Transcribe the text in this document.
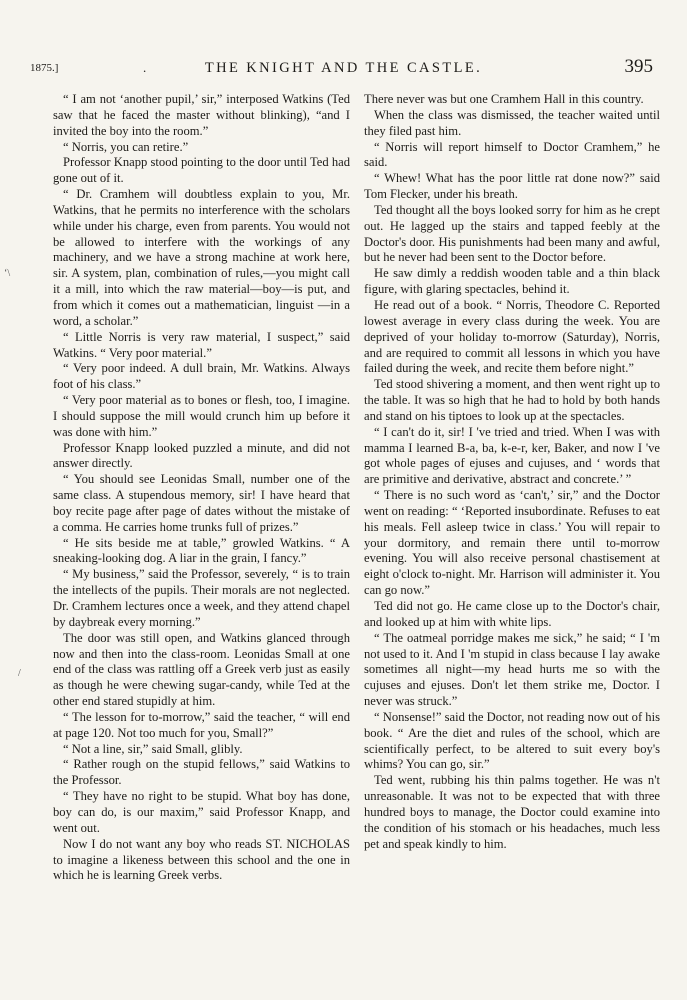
1875.]	.	THE KNIGHT AND THE CASTLE.	395

“ I am not ‘another pupil,’ sir,” interposed Watkins (Ted saw that he faced the master without blinking), “and I invited the boy into the room.”

“ Norris, you can retire.”

Professor Knapp stood pointing to the door until Ted had gone out of it.

“ Dr. Cramhem will doubtless explain to you, Mr. Watkins, that he permits no interference with the scholars while under his charge, even from parents. You would not be allowed to interfere with the workings of any machinery, and we have a strong machine at work here, sir. A system, plan, combination of rules,—you might call it a mill, into which the raw material—boy—is put, and from which it comes out a mathematician, linguist —in a word, a scholar.”

“ Little Norris is very raw material, I suspect,” said Watkins. “ Very poor material.”

“ Very poor indeed. A dull brain, Mr. Watkins. Always foot of his class.”

“ Very poor material as to bones or flesh, too, I imagine. I should suppose the mill would crunch him up before it was done with him.”

Professor Knapp looked puzzled a minute, and did not answer directly.

“ You should see Leonidas Small, number one of the same class. A stupendous memory, sir! I have heard that boy recite page after page of dates without the mistake of a comma. He carries home trunks full of prizes.”

“ He sits beside me at table,” growled Watkins. “ A sneaking-looking dog. A liar in the grain, I fancy.”

“ My business,” said the Professor, severely, “ is to train the intellects of the pupils. Their morals are not neglected. Dr. Cramhem lectures once a week, and they attend chapel by daybreak every morning.”

The door was still open, and Watkins glanced through now and then into the class-room. Leonidas Small at one end of the class was rattling off a Greek verb just as easily as though he were chewing sugar-candy, while Ted at the other end stared stupidly at him.

“ The lesson for to-morrow,” said the teacher, “ will end at page 120. Not too much for you, Small?”

“ Not a line, sir,” said Small, glibly.

“ Rather rough on the stupid fellows,” said Watkins to the Professor.

“ They have no right to be stupid. What boy has done, boy can do, is our maxim,” said Professor Knapp, and went out.

Now I do not want any boy who reads ST. NICHOLAS to imagine a likeness between this school and the one in which he is learning Greek verbs.

There never was but one Cramhem Hall in this country.

When the class was dismissed, the teacher waited until they filed past him.

“ Norris will report himself to Doctor Cramhem,” he said.

“ Whew! What has the poor little rat done now?” said Tom Flecker, under his breath.

Ted thought all the boys looked sorry for him as he crept out. He lagged up the stairs and tapped feebly at the Doctor's door. His punishments had been many and awful, but he never had been sent to the Doctor before.

He saw dimly a reddish wooden table and a thin black figure, with glaring spectacles, behind it.

He read out of a book. “ Norris, Theodore C. Reported lowest average in every class during the week. You are deprived of your holiday to-morrow (Saturday), Norris, and are required to commit all lessons in which you have failed during the week, and recite them before night.”

Ted stood shivering a moment, and then went right up to the table. It was so high that he had to hold by both hands and stand on his tiptoes to look up at the spectacles.

“ I can't do it, sir! I 've tried and tried. When I was with mamma I learned B-a, ba, k-e-r, ker, Baker, and now I 've got whole pages of ejuses and cujuses, and ‘ words that are primitive and derivative, abstract and concrete.’ ”

“ There is no such word as ‘can't,’ sir,” and the Doctor went on reading: “ ‘Reported insubordinate. Refuses to eat his meals. Fell asleep twice in class.’ You will repair to your dormitory, and remain there until to-morrow evening. You will also receive personal chastisement at eight o'clock to-night. Mr. Harrison will administer it. You can go now.”

Ted did not go. He came close up to the Doctor's chair, and looked up at him with white lips.

“ The oatmeal porridge makes me sick,” he said; “ I 'm not used to it. And I 'm stupid in class because I lay awake sometimes all night—my head hurts me so with the cujuses and ejuses. Don't let them strike me, Doctor. I never was struck.”

“ Nonsense!” said the Doctor, not reading now out of his book. “ Are the diet and rules of the school, which are scientifically perfect, to be altered to suit every boy's whims? You can go, sir.”

Ted went, rubbing his thin palms together. He was n't unreasonable. It was not to be expected that with three hundred boys to manage, the Doctor could examine into the condition of his stomach or his headaches, much less pet and speak kindly to him.

ʻ\
/
